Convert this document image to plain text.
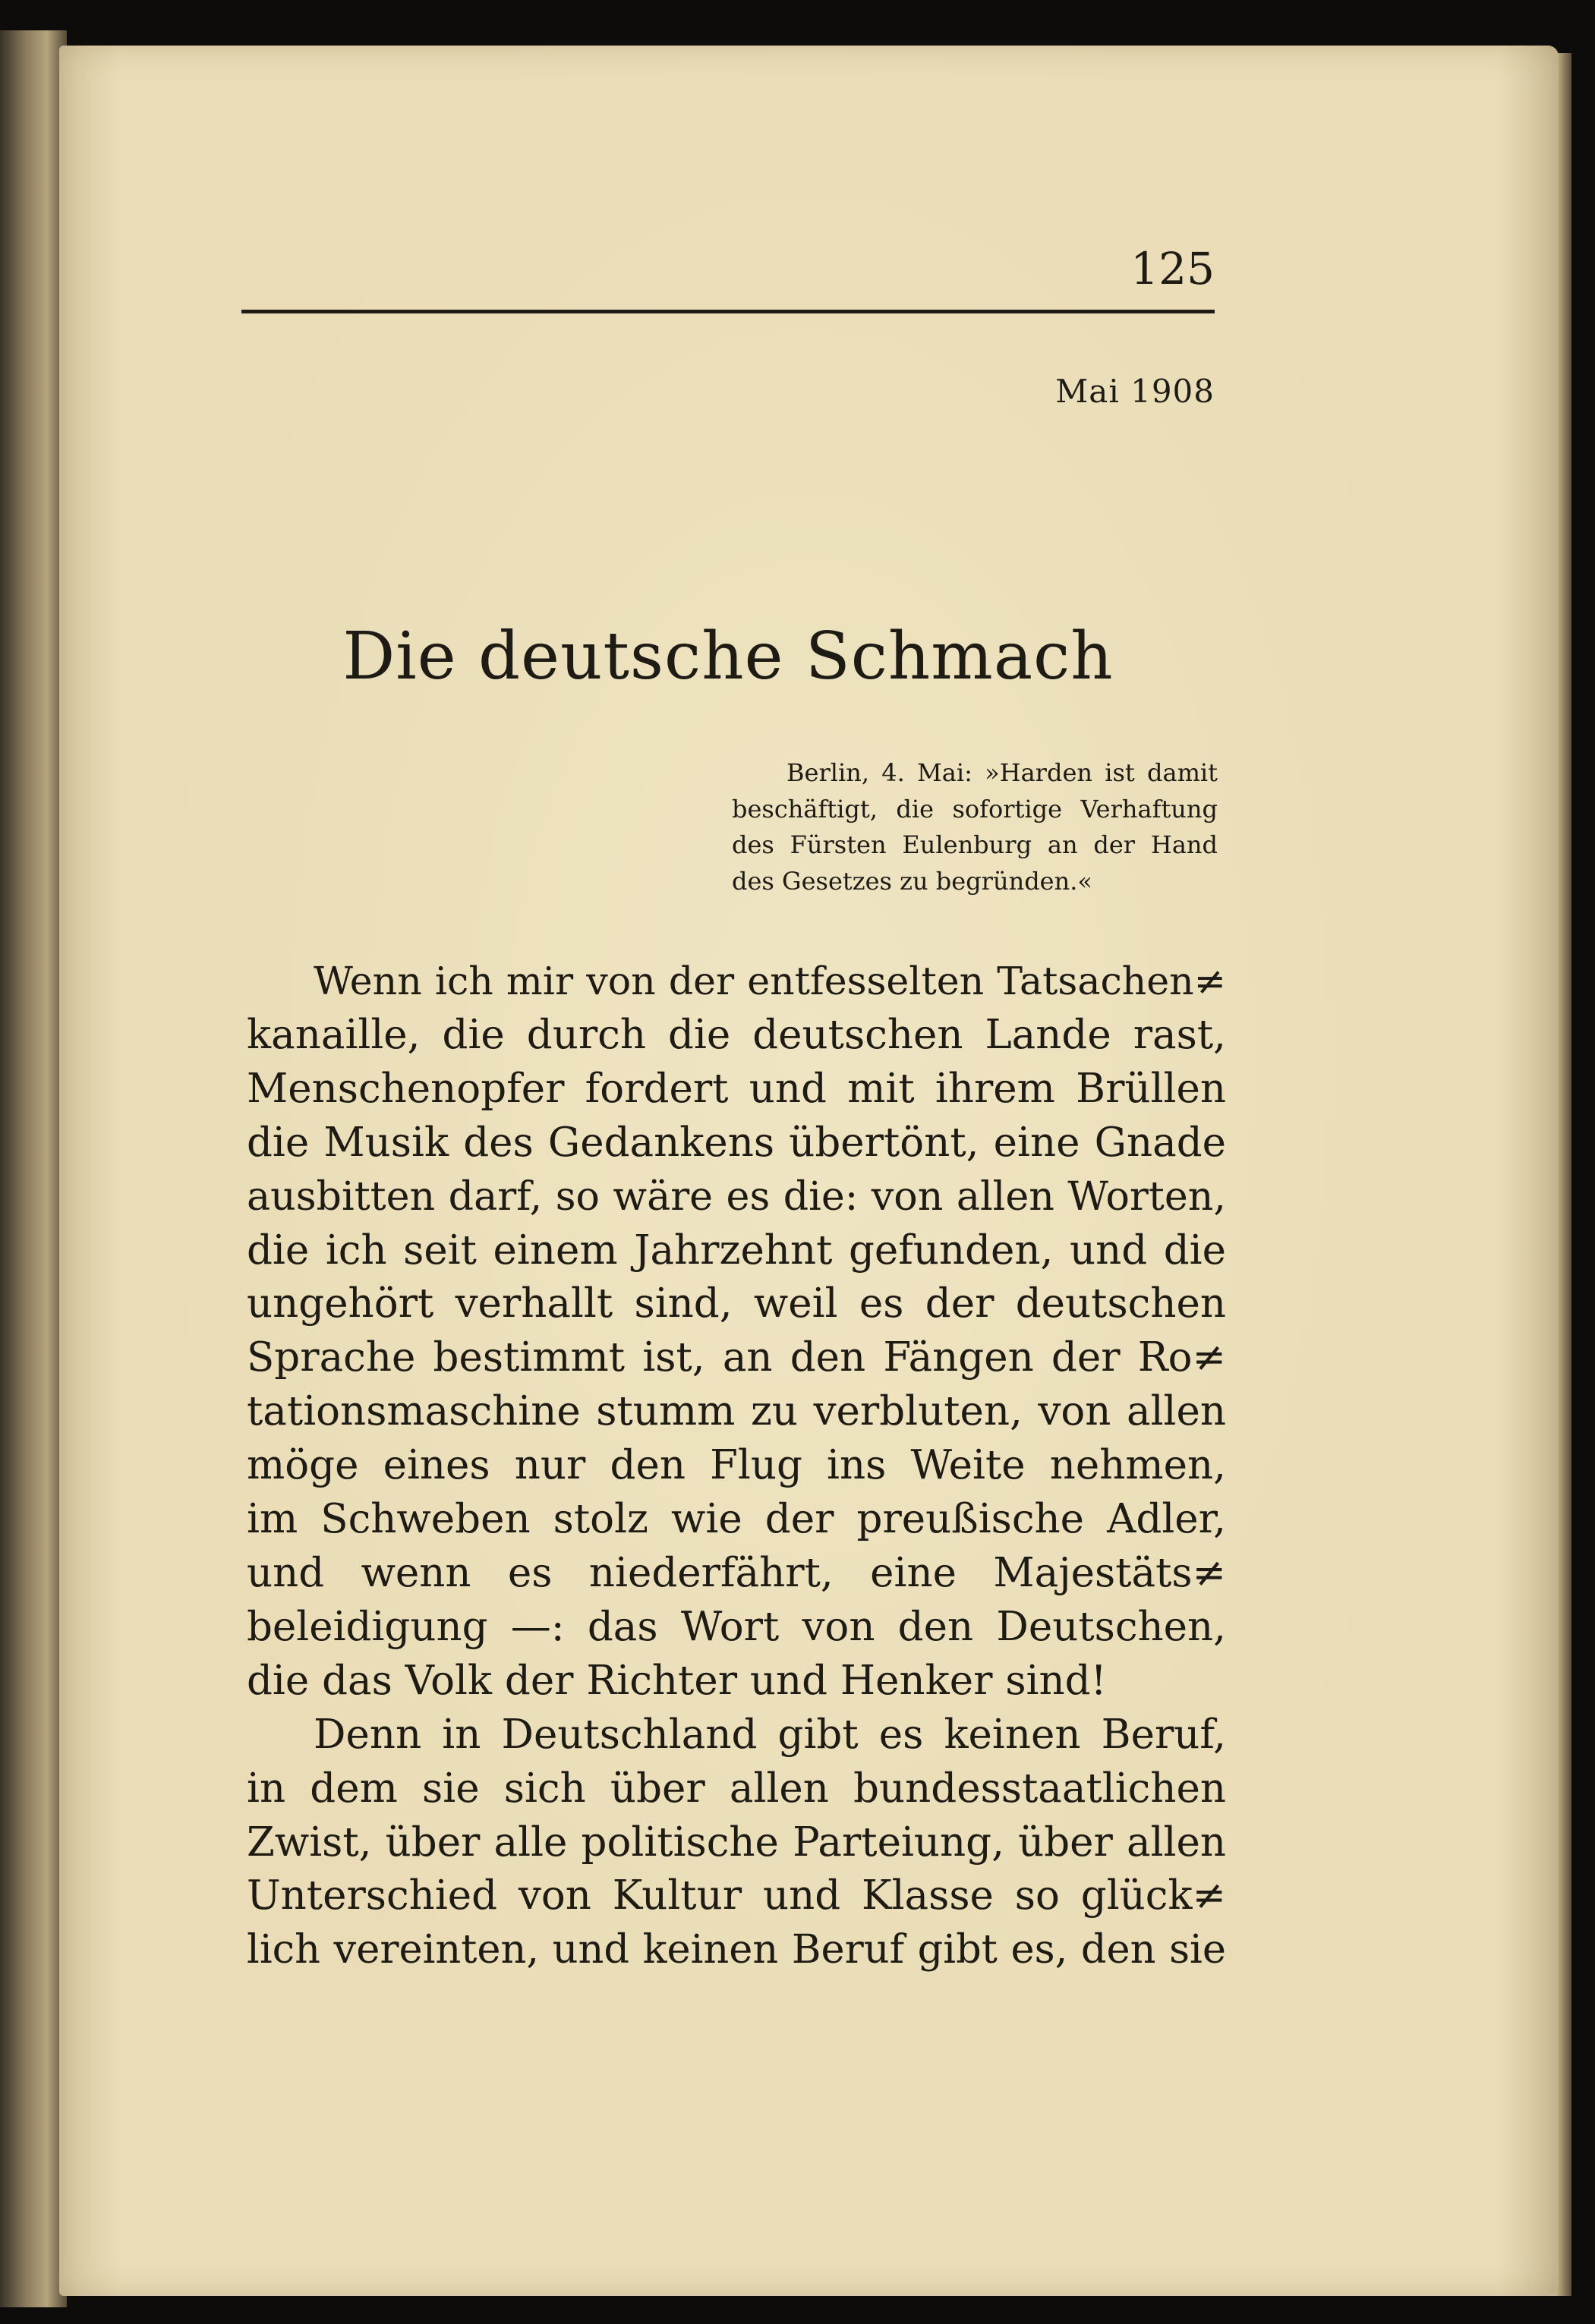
125

Mai 1908

Die deutsche Schmach
Berlin, 4. Mai: »Harden ist damit
beschäftigt, die sofortige Verhaftung
des Fürsten Eulenburg an der Hand
des Gesetzes zu begründen.«
Wenn ich mir von der entfesselten Tatsachen≠
kanaille, die durch die deutschen Lande rast,
Menschenopfer fordert und mit ihrem Brüllen
die Musik des Gedankens übertönt, eine Gnade
ausbitten darf, so wäre es die: von allen Worten,
die ich seit einem Jahrzehnt gefunden, und die
ungehört verhallt sind, weil es der deutschen
Sprache bestimmt ist, an den Fängen der Ro≠
tationsmaschine stumm zu verbluten, von allen
möge eines nur den Flug ins Weite nehmen,
im Schweben stolz wie der preußische Adler,
und wenn es niederfährt, eine Majestäts≠
beleidigung —: das Wort von den Deutschen,
die das Volk der Richter und Henker sind!
Denn in Deutschland gibt es keinen Beruf,
in dem sie sich über allen bundesstaatlichen
Zwist, über alle politische Parteiung, über allen
Unterschied von Kultur und Klasse so glück≠
lich vereinten, und keinen Beruf gibt es, den sie
